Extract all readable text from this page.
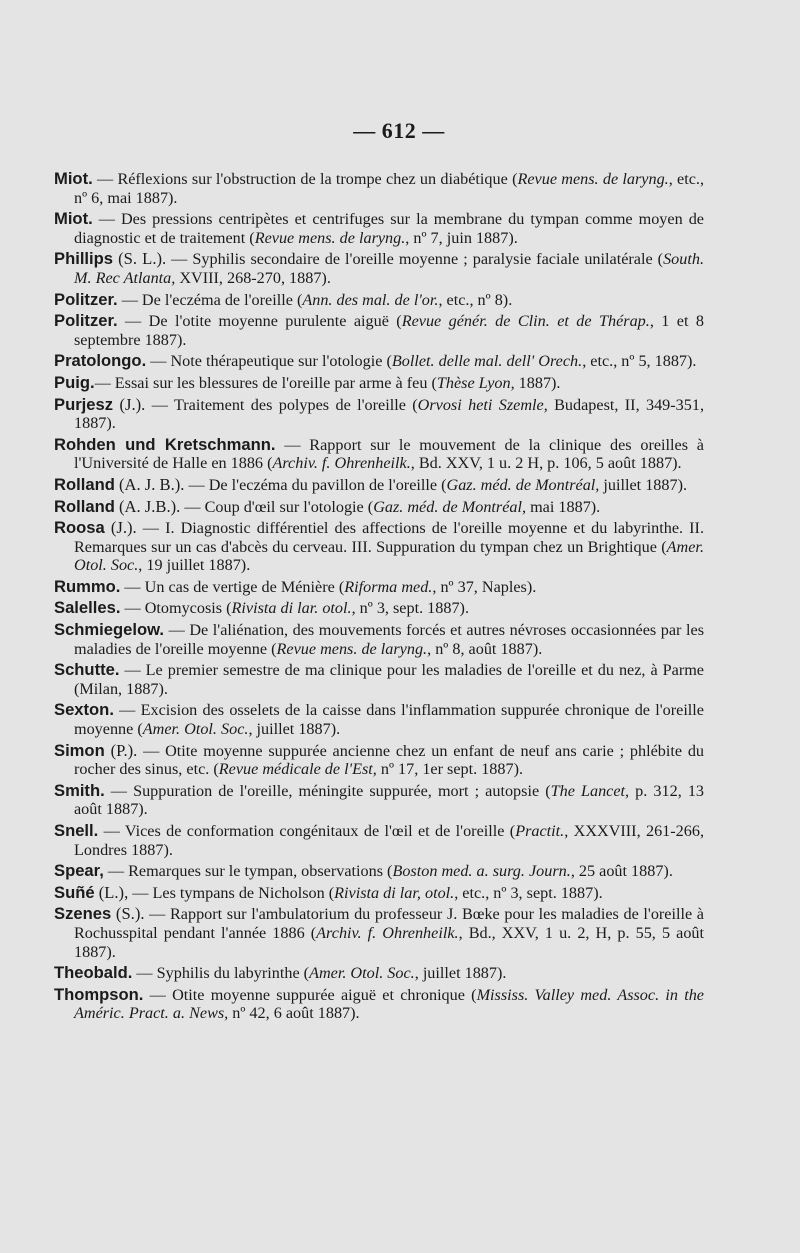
— 612 —

Miot. — Réflexions sur l'obstruction de la trompe chez un diabétique (Revue mens. de laryng., etc., nº 6, mai 1887).

Miot. — Des pressions centripètes et centrifuges sur la membrane du tympan comme moyen de diagnostic et de traitement (Revue mens. de laryng., nº 7, juin 1887).

Phillips (S. L.). — Syphilis secondaire de l'oreille moyenne ; paralysie faciale unilatérale (South. M. Rec Atlanta, XVIII, 268-270, 1887).

Politzer. — De l'eczéma de l'oreille (Ann. des mal. de l'or., etc., nº 8).

Politzer. — De l'otite moyenne purulente aiguë (Revue génér. de Clin. et de Thérap., 1 et 8 septembre 1887).

Pratolongo. — Note thérapeutique sur l'otologie (Bollet. delle mal. dell' Orech., etc., nº 5, 1887).

Puig.— Essai sur les blessures de l'oreille par arme à feu (Thèse Lyon, 1887).

Purjesz (J.). — Traitement des polypes de l'oreille (Orvosi heti Szemle, Budapest, II, 349-351, 1887).

Rohden und Kretschmann. — Rapport sur le mouvement de la clinique des oreilles à l'Université de Halle en 1886 (Archiv. f. Ohrenheilk., Bd. XXV, 1 u. 2 H, p. 106, 5 août 1887).

Rolland (A. J. B.). — De l'eczéma du pavillon de l'oreille (Gaz. méd. de Montréal, juillet 1887).

Rolland (A. J.B.). — Coup d'œil sur l'otologie (Gaz. méd. de Montréal, mai 1887).

Roosa (J.). — I. Diagnostic différentiel des affections de l'oreille moyenne et du labyrinthe. II. Remarques sur un cas d'abcès du cerveau. III. Suppuration du tympan chez un Brightique (Amer. Otol. Soc., 19 juillet 1887).

Rummo. — Un cas de vertige de Ménière (Riforma med., nº 37, Naples).

Salelles. — Otomycosis (Rivista di lar. otol., nº 3, sept. 1887).

Schmiegelow. — De l'aliénation, des mouvements forcés et autres névroses occasionnées par les maladies de l'oreille moyenne (Revue mens. de laryng., nº 8, août 1887).

Schutte. — Le premier semestre de ma clinique pour les maladies de l'oreille et du nez, à Parme (Milan, 1887).

Sexton. — Excision des osselets de la caisse dans l'inflammation suppurée chronique de l'oreille moyenne (Amer. Otol. Soc., juillet 1887).

Simon (P.). — Otite moyenne suppurée ancienne chez un enfant de neuf ans carie ; phlébite du rocher des sinus, etc. (Revue médicale de l'Est, nº 17, 1er sept. 1887).

Smith. — Suppuration de l'oreille, méningite suppurée, mort ; autopsie (The Lancet, p. 312, 13 août 1887).

Snell. — Vices de conformation congénitaux de l'œil et de l'oreille (Practit., XXXVIII, 261-266, Londres 1887).

Spear, — Remarques sur le tympan, observations (Boston med. a. surg. Journ., 25 août 1887).

Suñé (L.), — Les tympans de Nicholson (Rivista di lar, otol., etc., nº 3, sept. 1887).

Szenes (S.). — Rapport sur l'ambulatorium du professeur J. Bœke pour les maladies de l'oreille à Rochusspital pendant l'année 1886 (Archiv. f. Ohrenheilk., Bd., XXV, 1 u. 2, H, p. 55, 5 août 1887).

Theobald. — Syphilis du labyrinthe (Amer. Otol. Soc., juillet 1887).

Thompson. — Otite moyenne suppurée aiguë et chronique (Mississ. Valley med. Assoc. in the Améric. Pract. a. News, nº 42, 6 août 1887).
